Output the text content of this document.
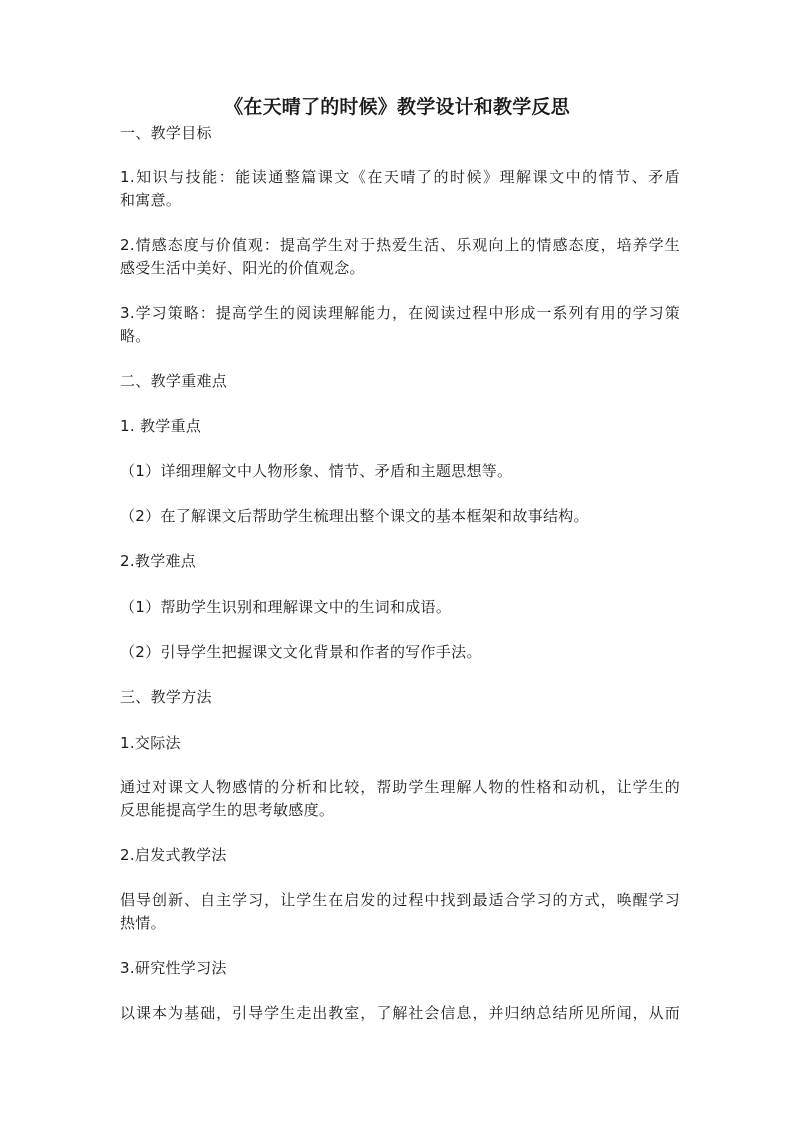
《在天晴了的时候》教学设计和教学反思
一、教学目标
1.知识与技能：能读通整篇课文《在天晴了的时候》理解课文中的情节、矛盾
和寓意。
2.情感态度与价值观：提高学生对于热爱生活、乐观向上的情感态度，培养学生
感受生活中美好、阳光的价值观念。
3.学习策略：提高学生的阅读理解能力，在阅读过程中形成一系列有用的学习策
略。
二、教学重难点
1. 教学重点
（1）详细理解文中人物形象、情节、矛盾和主题思想等。
（2）在了解课文后帮助学生梳理出整个课文的基本框架和故事结构。
2.教学难点
（1）帮助学生识别和理解课文中的生词和成语。
（2）引导学生把握课文文化背景和作者的写作手法。
三、教学方法
1.交际法
通过对课文人物感情的分析和比较，帮助学生理解人物的性格和动机，让学生的
反思能提高学生的思考敏感度。
2.启发式教学法
倡导创新、自主学习，让学生在启发的过程中找到最适合学习的方式，唤醒学习
热情。
3.研究性学习法
以课本为基础，引导学生走出教室，了解社会信息，并归纳总结所见所闻，从而
